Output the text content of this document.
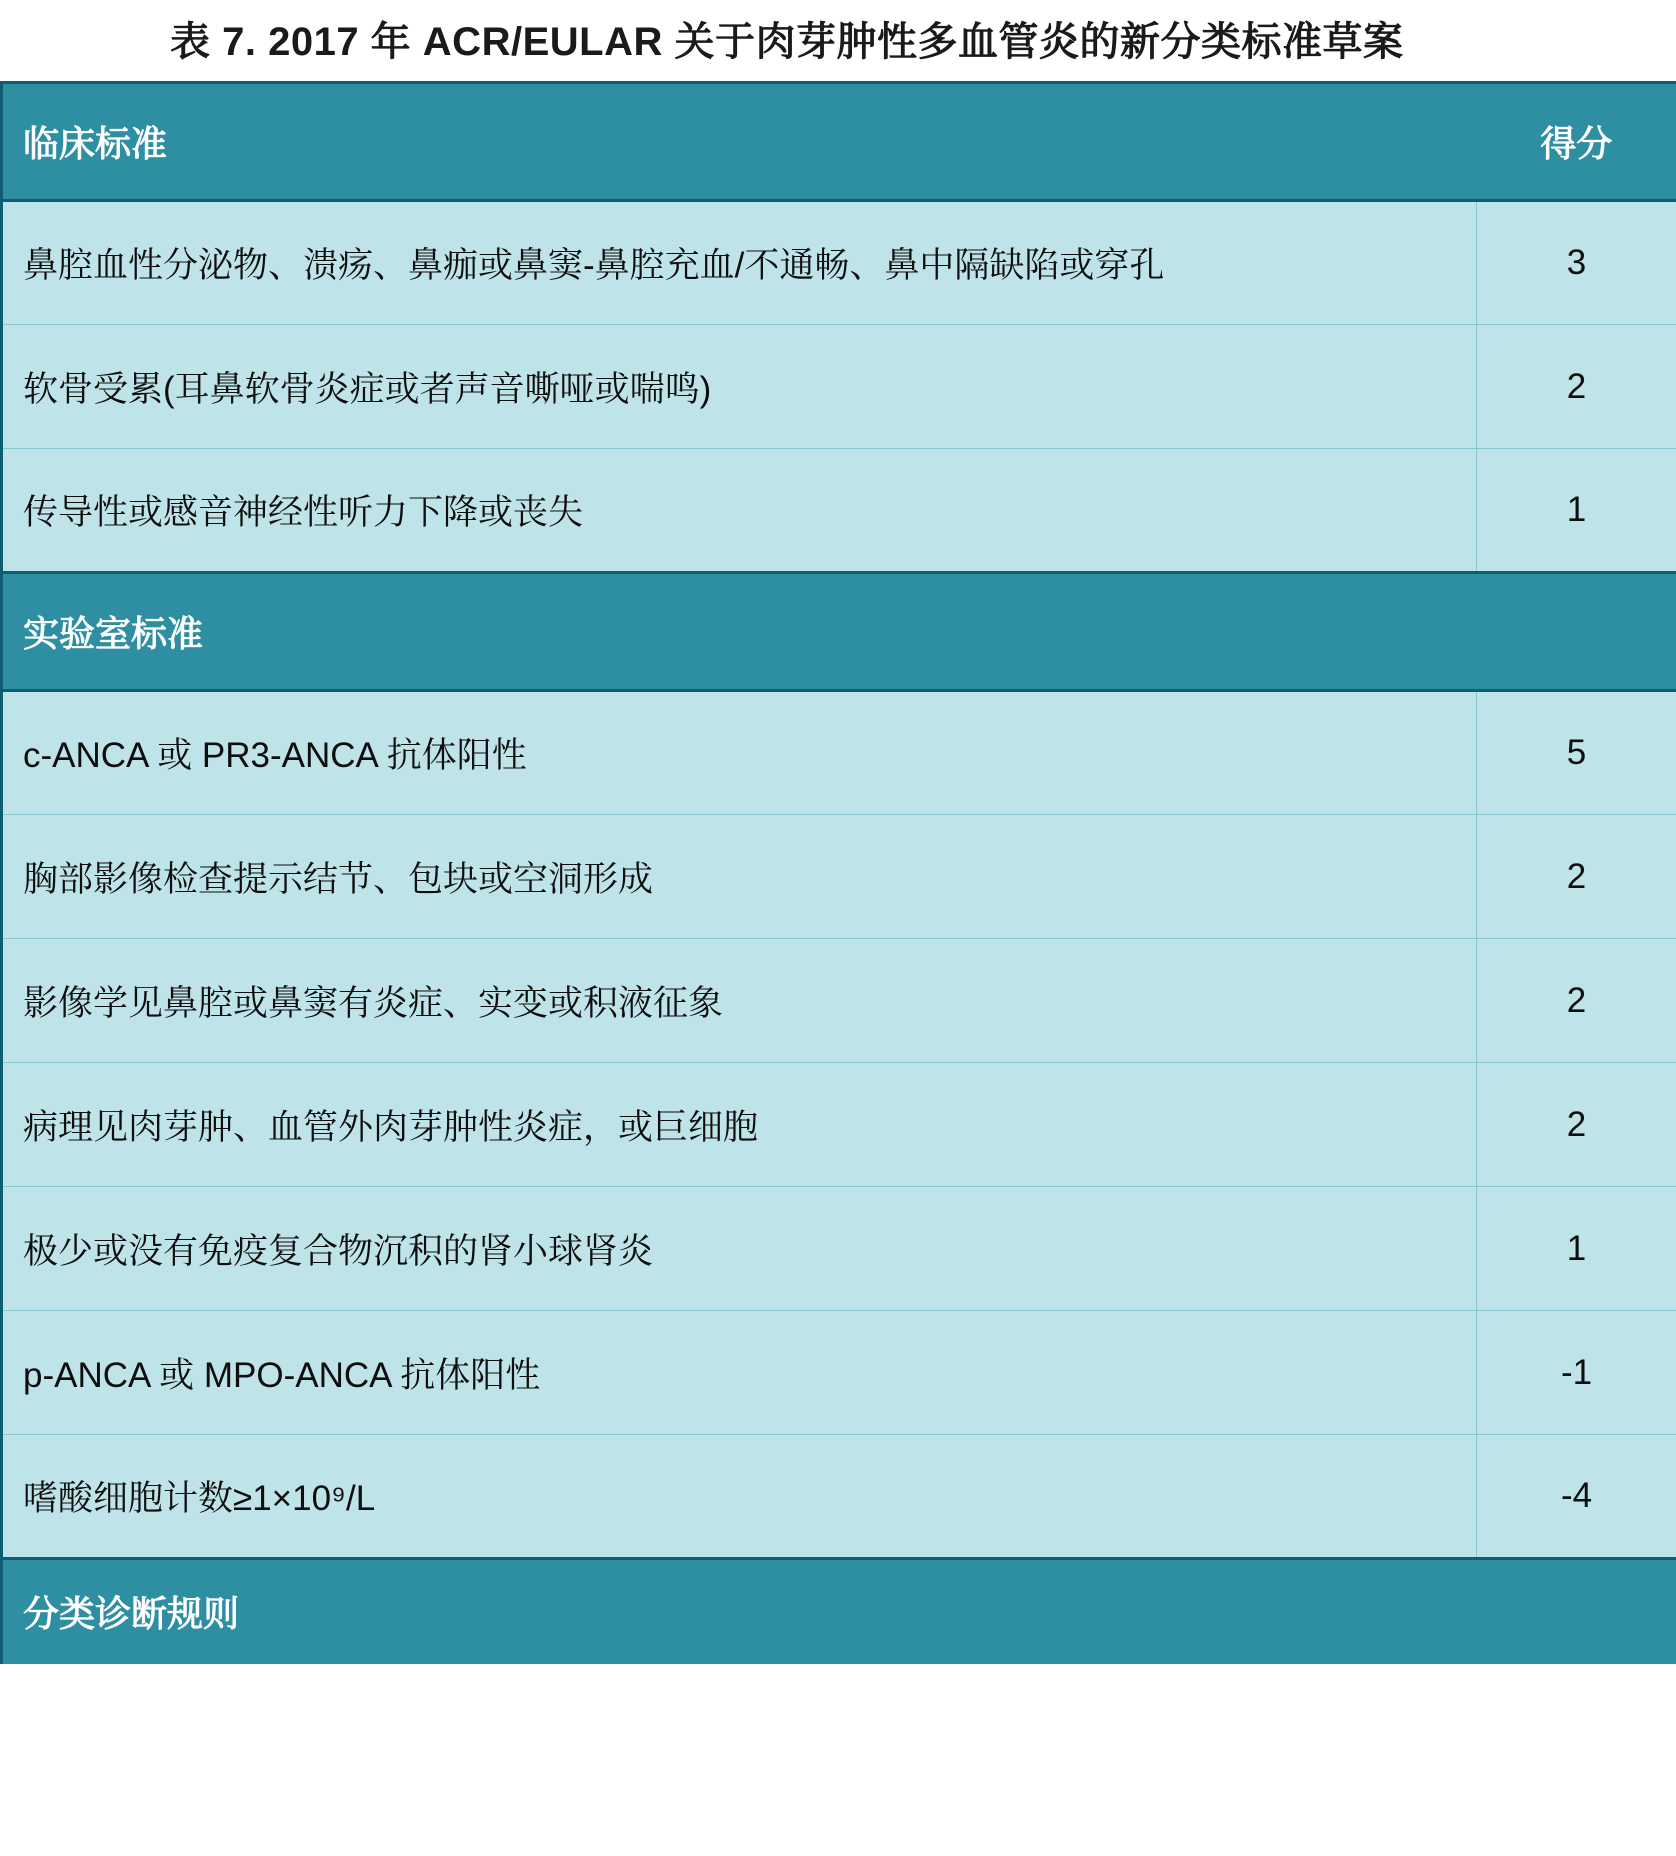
表 7. 2017 年 ACR/EULAR 关于肉芽肿性多血管炎的新分类标准草案
临床标准	得分
鼻腔血性分泌物、溃疡、鼻痂或鼻窦-鼻腔充血/不通畅、鼻中隔缺陷或穿孔	3
软骨受累(耳鼻软骨炎症或者声音嘶哑或喘鸣)	2
传导性或感音神经性听力下降或丧失	1
实验室标准	
c-ANCA 或 PR3-ANCA 抗体阳性	5
胸部影像检查提示结节、包块或空洞形成	2
影像学见鼻腔或鼻窦有炎症、实变或积液征象	2
病理见肉芽肿、血管外肉芽肿性炎症，或巨细胞	2
极少或没有免疫复合物沉积的肾小球肾炎	1
p-ANCA 或 MPO-ANCA 抗体阳性	-1
嗜酸细胞计数≥1×10⁹/L	-4
分类诊断规则	
头条 @刘湘源医生
